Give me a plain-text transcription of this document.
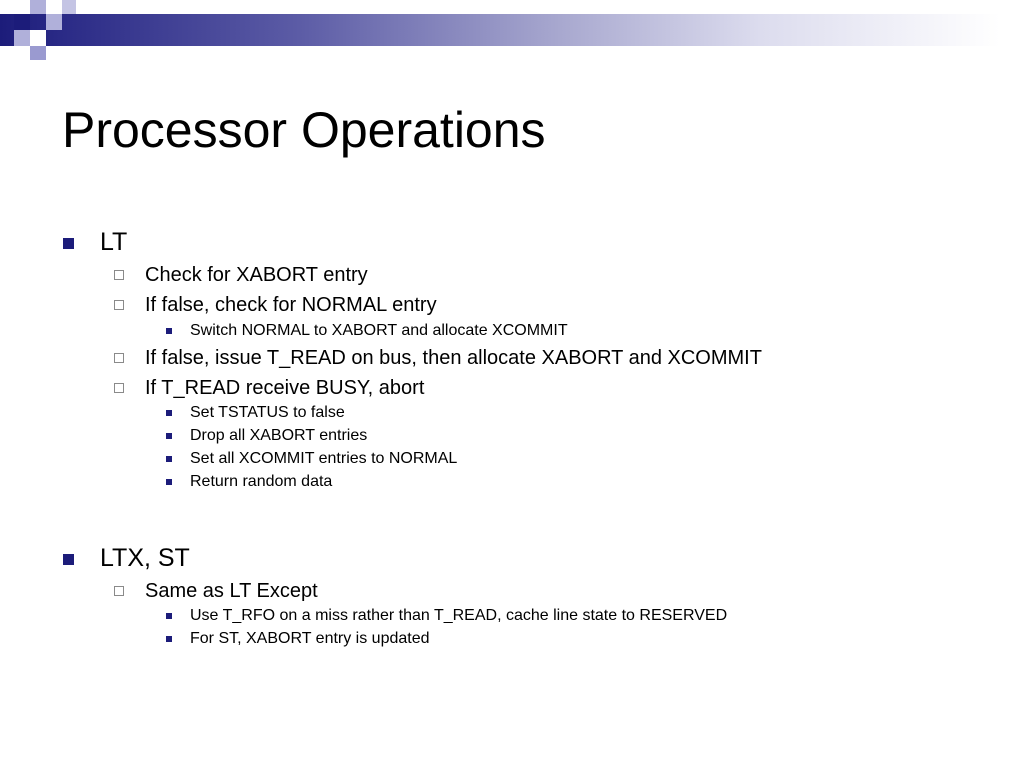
Processor Operations
LT
Check for XABORT entry
If false, check for NORMAL entry
Switch NORMAL to XABORT and allocate XCOMMIT
If false, issue T_READ on bus, then allocate XABORT and XCOMMIT
If T_READ receive BUSY, abort
Set TSTATUS to false
Drop all XABORT entries
Set all XCOMMIT entries to NORMAL
Return random data
LTX, ST
Same as LT Except
Use T_RFO on a miss rather than T_READ, cache line state to RESERVED
For ST, XABORT entry is updated
